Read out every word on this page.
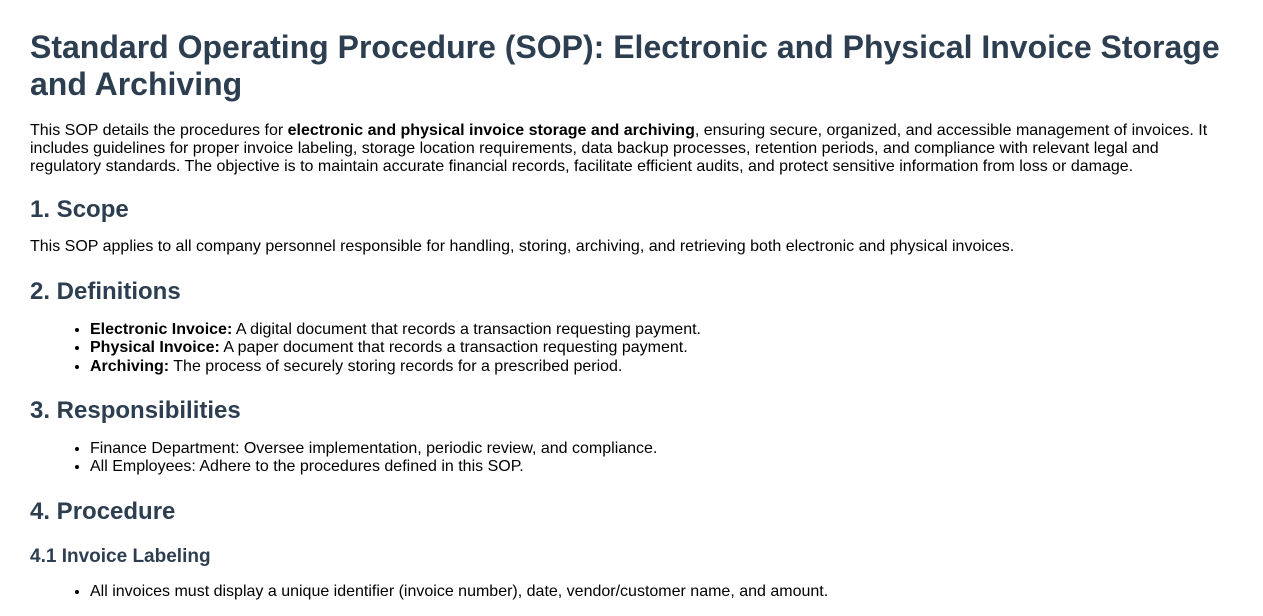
Standard Operating Procedure (SOP): Electronic and Physical Invoice Storage and Archiving

This SOP details the procedures for electronic and physical invoice storage and archiving, ensuring secure, organized, and accessible management of invoices. It includes guidelines for proper invoice labeling, storage location requirements, data backup processes, retention periods, and compliance with relevant legal and regulatory standards. The objective is to maintain accurate financial records, facilitate efficient audits, and protect sensitive information from loss or damage.

1. Scope

This SOP applies to all company personnel responsible for handling, storing, archiving, and retrieving both electronic and physical invoices.

2. Definitions
• Electronic Invoice: A digital document that records a transaction requesting payment.
• Physical Invoice: A paper document that records a transaction requesting payment.
• Archiving: The process of securely storing records for a prescribed period.
3. Responsibilities
• Finance Department: Oversee implementation, periodic review, and compliance.
• All Employees: Adhere to the procedures defined in this SOP.
4. Procedure
4.1 Invoice Labeling
• All invoices must display a unique identifier (invoice number), date, vendor/customer name, and amount.
